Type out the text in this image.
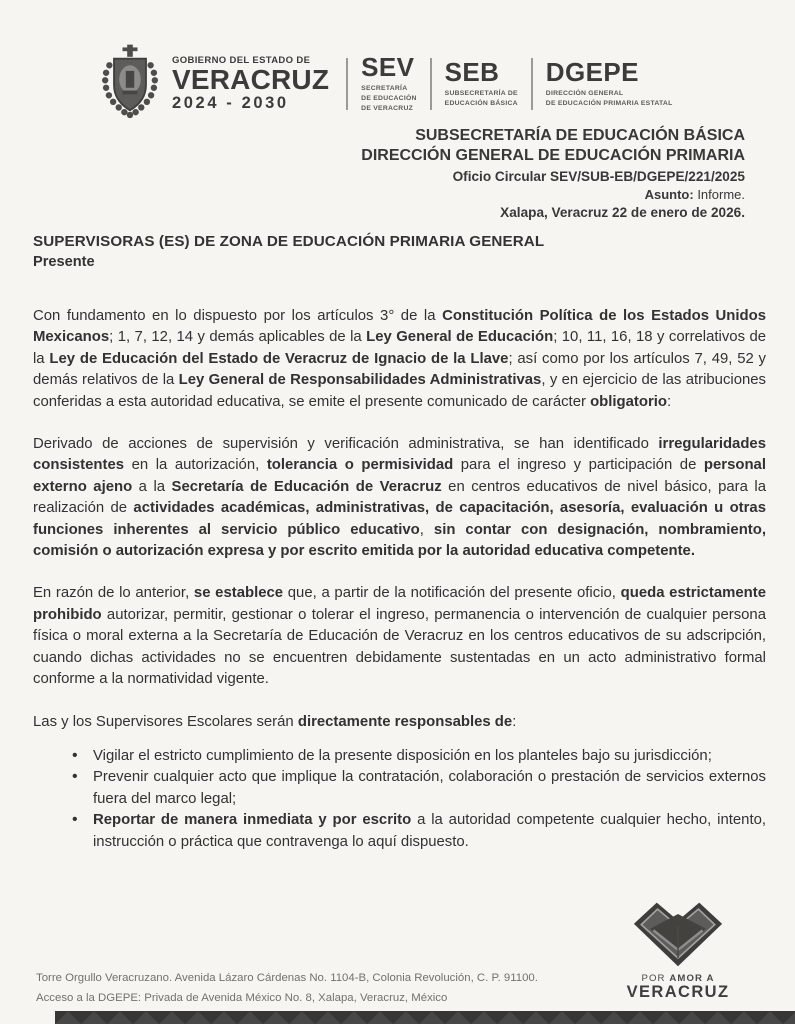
GOBIERNO DEL ESTADO DE
VERACRUZ
2024 - 2030
SEV
SECRETARÍA
DE EDUCACIÓN
DE VERACRUZ
SEB
SUBSECRETARÍA DE
EDUCACIÓN BÁSICA
DGEPE
DIRECCIÓN GENERAL
DE EDUCACIÓN PRIMARIA ESTATAL
SUBSECRETARÍA DE EDUCACIÓN BÁSICA
DIRECCIÓN GENERAL DE EDUCACIÓN PRIMARIA
Oficio Circular SEV/SUB-EB/DGEPE/221/2025
Asunto: Informe.
Xalapa, Veracruz 22 de enero de 2026.
SUPERVISORAS (ES) DE ZONA DE EDUCACIÓN PRIMARIA GENERAL
Presente

Con fundamento en lo dispuesto por los artículos 3° de la Constitución Política de los Estados Unidos Mexicanos; 1, 7, 12, 14 y demás aplicables de la Ley General de Educación; 10, 11, 16, 18 y correlativos de la Ley de Educación del Estado de Veracruz de Ignacio de la Llave; así como por los artículos 7, 49, 52 y demás relativos de la Ley General de Responsabilidades Administrativas, y en ejercicio de las atribuciones conferidas a esta autoridad educativa, se emite el presente comunicado de carácter obligatorio:

Derivado de acciones de supervisión y verificación administrativa, se han identificado irregularidades consistentes en la autorización, tolerancia o permisividad para el ingreso y participación de personal externo ajeno a la Secretaría de Educación de Veracruz en centros educativos de nivel básico, para la realización de actividades académicas, administrativas, de capacitación, asesoría, evaluación u otras funciones inherentes al servicio público educativo, sin contar con designación, nombramiento, comisión o autorización expresa y por escrito emitida por la autoridad educativa competente.

En razón de lo anterior, se establece que, a partir de la notificación del presente oficio, queda estrictamente prohibido autorizar, permitir, gestionar o tolerar el ingreso, permanencia o intervención de cualquier persona física o moral externa a la Secretaría de Educación de Veracruz en los centros educativos de su adscripción, cuando dichas actividades no se encuentren debidamente sustentadas en un acto administrativo formal conforme a la normatividad vigente.

Las y los Supervisores Escolares serán directamente responsables de:

• Vigilar el estricto cumplimiento de la presente disposición en los planteles bajo su jurisdicción;
• Prevenir cualquier acto que implique la contratación, colaboración o prestación de servicios externos fuera del marco legal;
• Reportar de manera inmediata y por escrito a la autoridad competente cualquier hecho, intento, instrucción o práctica que contravenga lo aquí dispuesto.
Torre Orgullo Veracruzano. Avenida Lázaro Cárdenas No. 1104-B, Colonia Revolución, C. P. 91100.
Acceso a la DGEPE: Privada de Avenida México No. 8, Xalapa, Veracruz, México
POR AMOR A
VERACRUZ
